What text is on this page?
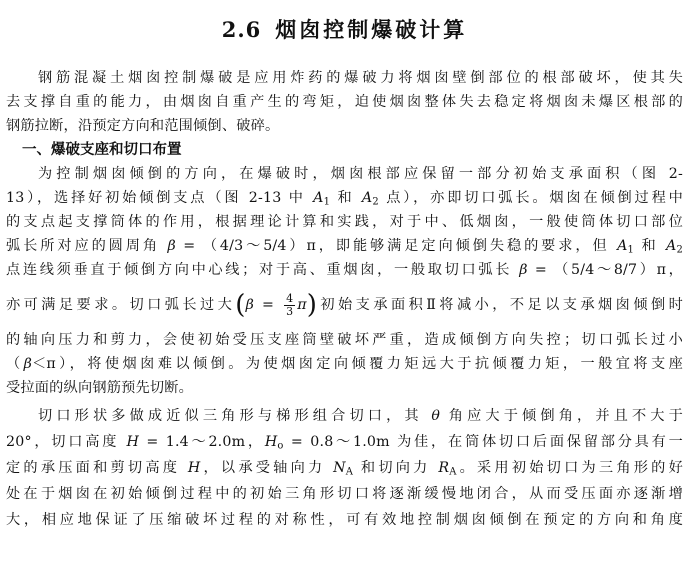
2.6 烟囱控制爆破计算
钢筋混凝土烟囱控制爆破是应用炸药的爆破力将烟囱壁倒部位的根部破坏，使其失
去支撑自重的能力，由烟囱自重产生的弯矩，迫使烟囱整体失去稳定将烟囱未爆区根部的
钢筋拉断，沿预定方向和范围倾倒、破碎。
一、爆破支座和切口布置
为控制烟囱倾倒的方向，在爆破时，烟囱根部应保留一部分初始支承面积（图 2-
13），选择好初始倾倒支点（图 2-13 中 $A_1$ 和 $A_2$ 点），亦即切口弧长。烟囱在倾倒过程中
的支点起支撑筒体的作用，根据理论计算和实践，对于中、低烟囱，一般使筒体切口部位
弧长所对应的圆周角 β = （4/3～5/4）π，即能够满足定向倾倒失稳的要求，但 $A_1$ 和 $A_2$
点连线须垂直于倾倒方向中心线；对于高、重烟囱，一般取切口弧长 β = （5/4～8/7）π，
亦可满足要求。切口弧长过大$(\beta = \frac{4}{3} \pi)$初始支承面积Ⅱ将减小，不足以支承烟囱倾倒时
的轴向压力和剪力，会使初始受压支座筒壁破坏严重，造成倾倒方向失控；切口弧长过小
（β＜π），将使烟囱难以倾倒。为使烟囱定向倾覆力矩远大于抗倾覆力矩，一般宜将支座
受拉面的纵向钢筋预先切断。
切口形状多做成近似三角形与梯形组合切口，其 θ 角应大于倾倒角，并且不大于
20°，切口高度 H = 1.4～2.0m，$H_o$ = 0.8～1.0m 为佳，在筒体切口后面保留部分具有一
定的承压面和剪切高度 H，以承受轴向力 $N_A$ 和切向力 $R_A$。采用初始切口为三角形的好
处在于烟囱在初始倾倒过程中的初始三角形切口将逐渐缓慢地闭合，从而受压面亦逐渐增
大，相应地保证了压缩破坏过程的对称性，可有效地控制烟囱倾倒在预定的方向和角度
